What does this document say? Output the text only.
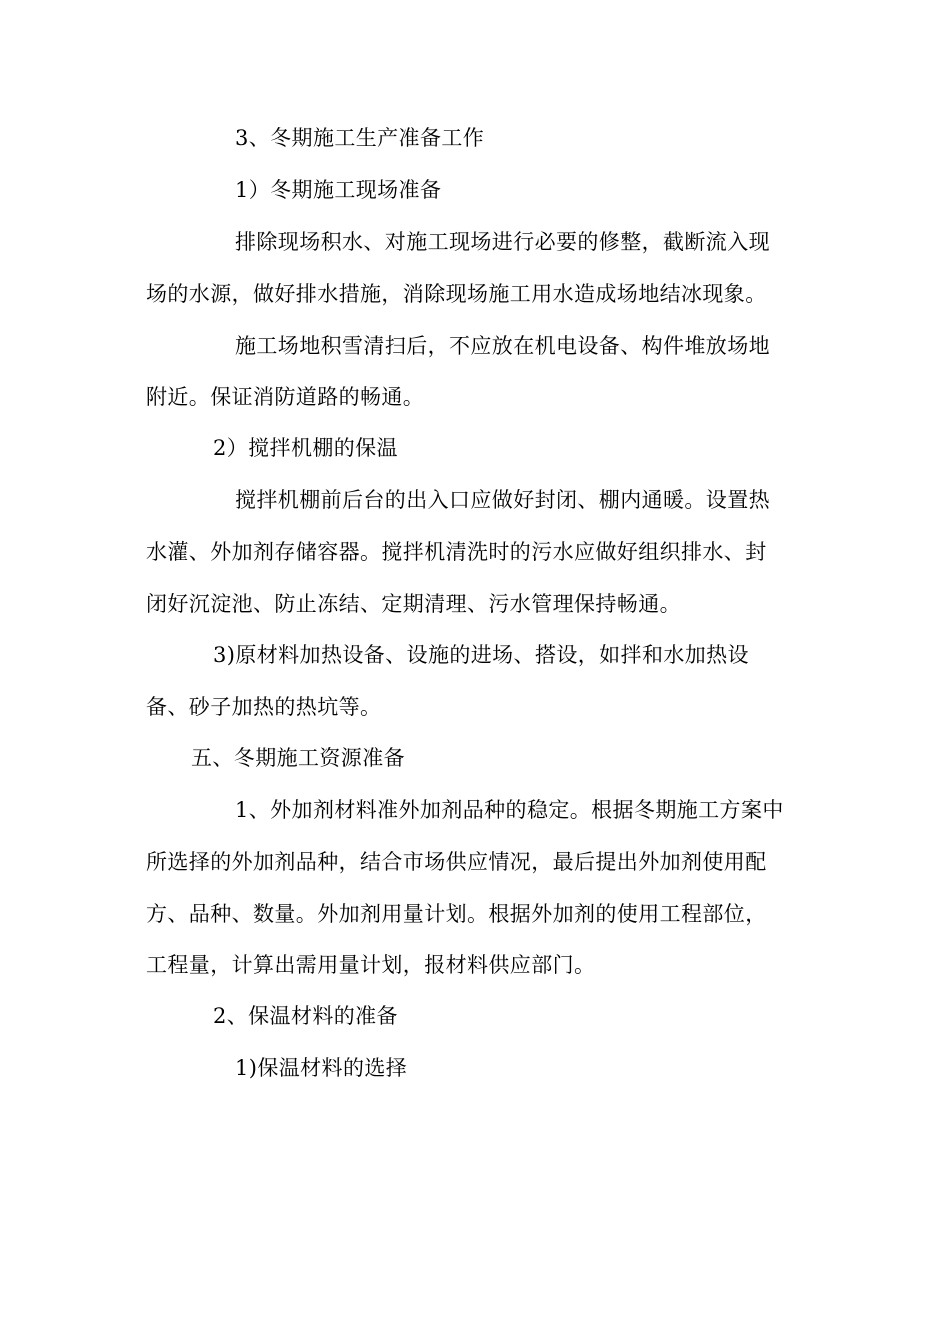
3、冬期施工生产准备工作
1）冬期施工现场准备
排除现场积水、对施工现场进行必要的修整，截断流入现
场的水源，做好排水措施，消除现场施工用水造成场地结冰现象。
施工场地积雪清扫后，不应放在机电设备、构件堆放场地
附近。保证消防道路的畅通。
2）搅拌机棚的保温
搅拌机棚前后台的出入口应做好封闭、棚内通暖。设置热
水灌、外加剂存储容器。搅拌机清洗时的污水应做好组织排水、封
闭好沉淀池、防止冻结、定期清理、污水管理保持畅通。
3)原材料加热设备、设施的进场、搭设，如拌和水加热设
备、砂子加热的热坑等。
五、冬期施工资源准备
1、外加剂材料准外加剂品种的稳定。根据冬期施工方案中
所选择的外加剂品种，结合市场供应情况，最后提出外加剂使用配
方、品种、数量。外加剂用量计划。根据外加剂的使用工程部位，
工程量，计算出需用量计划，报材料供应部门。
2、保温材料的准备
1)保温材料的选择
